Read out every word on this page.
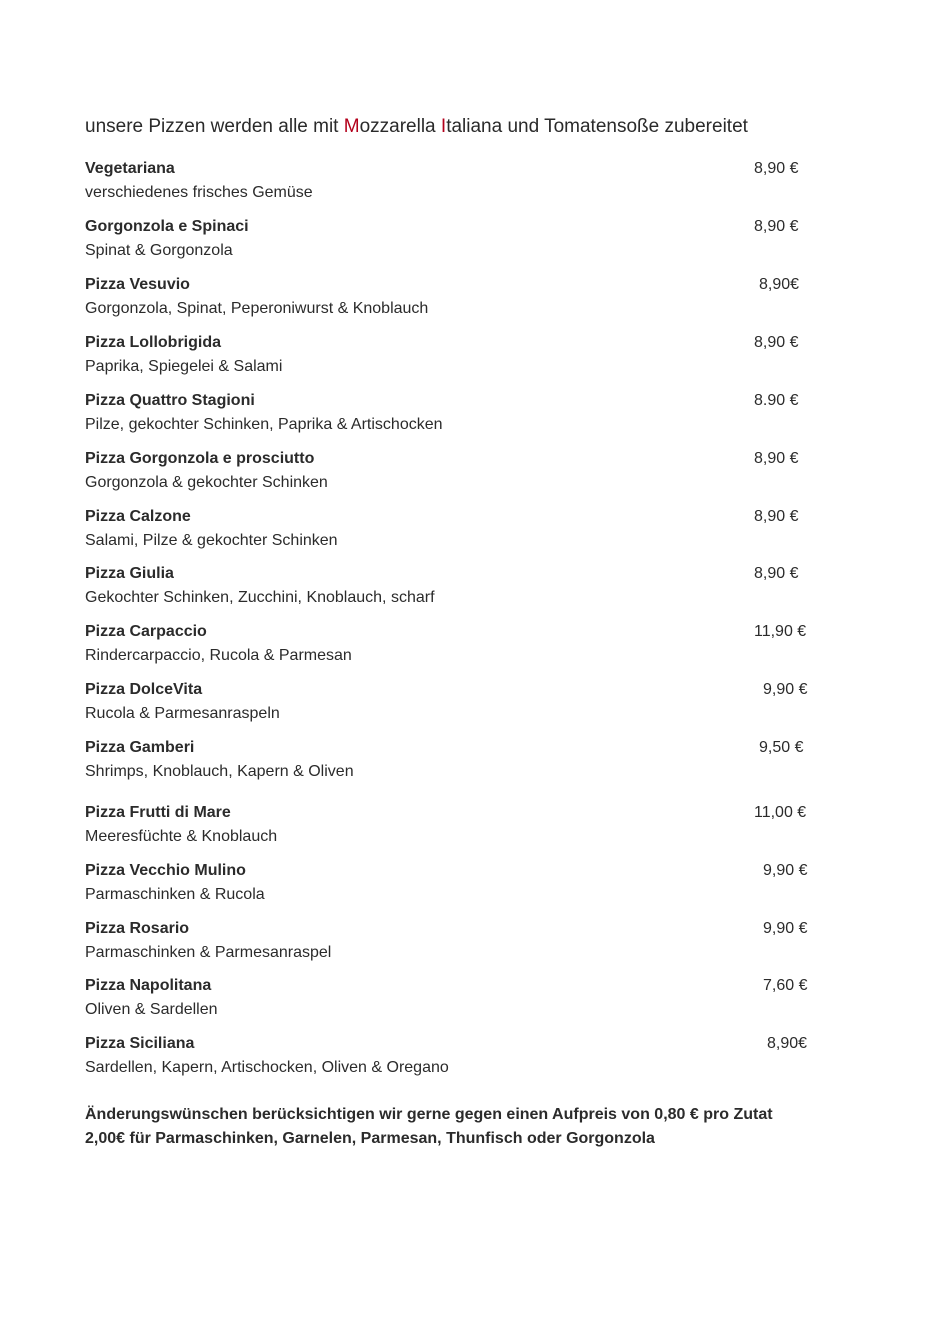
unsere Pizzen werden alle mit Mozzarella Italiana und Tomatensoße zubereitet
Vegetariana
verschiedenes frisches Gemüse
8,90 €
Gorgonzola e Spinaci
Spinat & Gorgonzola
8,90 €
Pizza Vesuvio
Gorgonzola, Spinat, Peperoniwurst & Knoblauch
8,90€
Pizza Lollobrigida
Paprika, Spiegelei & Salami
8,90 €
Pizza Quattro Stagioni
Pilze, gekochter Schinken, Paprika & Artischocken
8.90 €
Pizza Gorgonzola e prosciutto
Gorgonzola & gekochter Schinken
8,90 €
Pizza Calzone
Salami, Pilze & gekochter Schinken
8,90 €
Pizza Giulia
Gekochter Schinken, Zucchini, Knoblauch, scharf
8,90 €
Pizza Carpaccio
Rindercarpaccio, Rucola & Parmesan
11,90 €
Pizza DolceVita
Rucola & Parmesanraspeln
9,90 €
Pizza Gamberi
Shrimps, Knoblauch, Kapern & Oliven
9,50 €
Pizza Frutti di Mare
Meeresfüchte & Knoblauch
11,00 €
Pizza Vecchio Mulino
Parmaschinken & Rucola
9,90 €
Pizza Rosario
Parmaschinken & Parmesanraspel
9,90 €
Pizza Napolitana
Oliven & Sardellen
7,60 €
Pizza Siciliana
Sardellen, Kapern, Artischocken, Oliven & Oregano
8,90€
Änderungswünschen berücksichtigen wir gerne gegen einen Aufpreis von 0,80 € pro Zutat
2,00€ für Parmaschinken, Garnelen, Parmesan, Thunfisch oder Gorgonzola
